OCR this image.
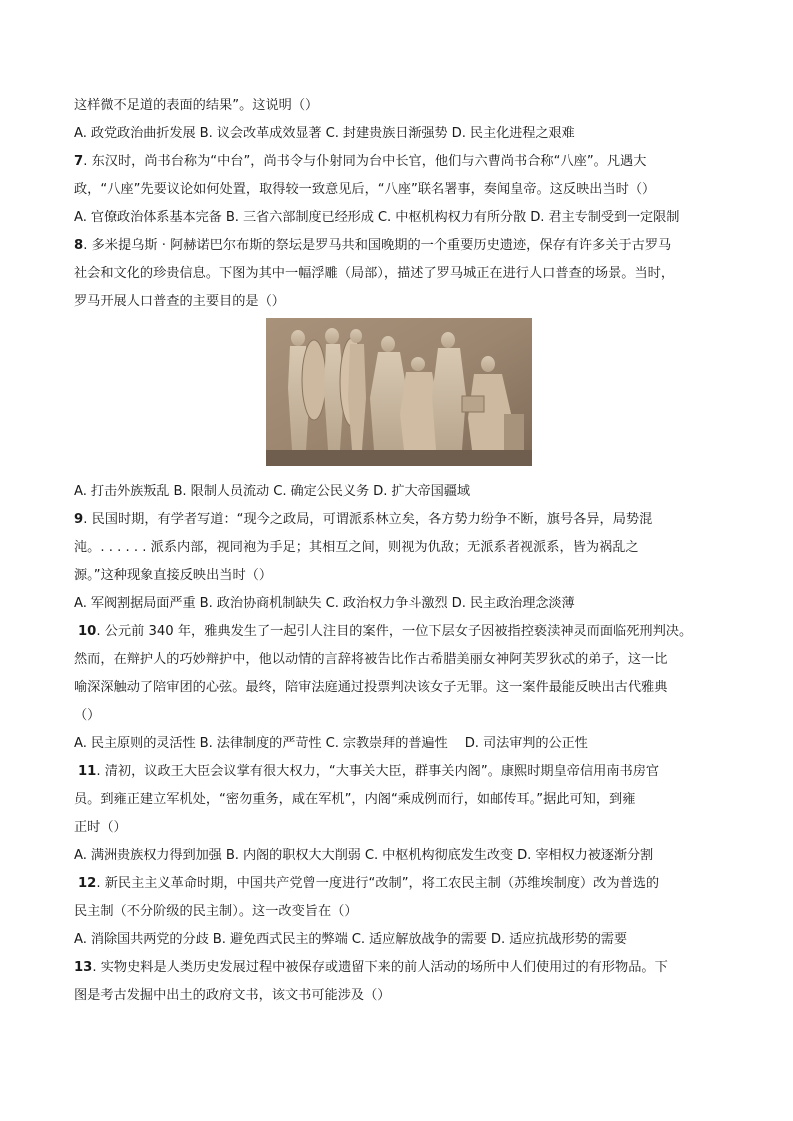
这样微不足道的表面的结果”。这说明（）
A. 政党政治曲折发展 B. 议会改革成效显著 C. 封建贵族日渐强势 D. 民主化进程之艰难
7. 东汉时，尚书台称为“中台”，尚书令与仆射同为台中长官，他们与六曹尚书合称“八座”。凡遇大
政，“八座”先要议论如何处置，取得较一致意见后，“八座”联名署事，奏闻皇帝。这反映出当时（）
A. 官僚政治体系基本完备 B. 三省六部制度已经形成 C. 中枢机构权力有所分散 D. 君主专制受到一定限制
8. 多米提乌斯 · 阿赫诺巴尔布斯的祭坛是罗马共和国晚期的一个重要历史遗迹，保存有许多关于古罗马
社会和文化的珍贵信息。下图为其中一幅浮雕（局部），描述了罗马城正在进行人口普查的场景。当时，
罗马开展人口普查的主要目的是（）
A. 打击外族叛乱 B. 限制人员流动 C. 确定公民义务 D. 扩大帝国疆域
9. 民国时期，有学者写道：“现今之政局，可谓派系林立矣，各方势力纷争不断，旗号各异，局势混
沌。. . . . . . 派系内部，视同袍为手足；其相互之间，则视为仇敌；无派系者视派系，皆为祸乱之
源。”这种现象直接反映出当时（）
A. 军阀割据局面严重 B. 政治协商机制缺失 C. 政治权力争斗激烈 D. 民主政治理念淡薄
10. 公元前 340 年，雅典发生了一起引人注目的案件，一位下层女子因被指控亵渎神灵而面临死刑判决。
然而，在辩护人的巧妙辩护中，他以动情的言辞将被告比作古希腊美丽女神阿芙罗狄忒的弟子，这一比
喻深深触动了陪审团的心弦。最终，陪审法庭通过投票判决该女子无罪。这一案件最能反映出古代雅典
（）
A. 民主原则的灵活性 B. 法律制度的严苛性 C. 宗教崇拜的普遍性　 D. 司法审判的公正性
11. 清初，议政王大臣会议掌有很大权力，“大事关大臣，群事关内阁”。康熙时期皇帝信用南书房官
员。到雍正建立军机处，“密勿重务，咸在军机”，内阁“乘成例而行，如邮传耳。”据此可知，到雍
正时（）
A. 满洲贵族权力得到加强 B. 内阁的职权大大削弱 C. 中枢机构彻底发生改变 D. 宰相权力被逐渐分割
12. 新民主主义革命时期，中国共产党曾一度进行“改制”，将工农民主制（苏维埃制度）改为普选的
民主制（不分阶级的民主制）。这一改变旨在（）
A. 消除国共两党的分歧 B. 避免西式民主的弊端 C. 适应解放战争的需要 D. 适应抗战形势的需要
13. 实物史料是人类历史发展过程中被保存或遗留下来的前人活动的场所中人们使用过的有形物品。下
图是考古发掘中出土的政府文书，该文书可能涉及（）
